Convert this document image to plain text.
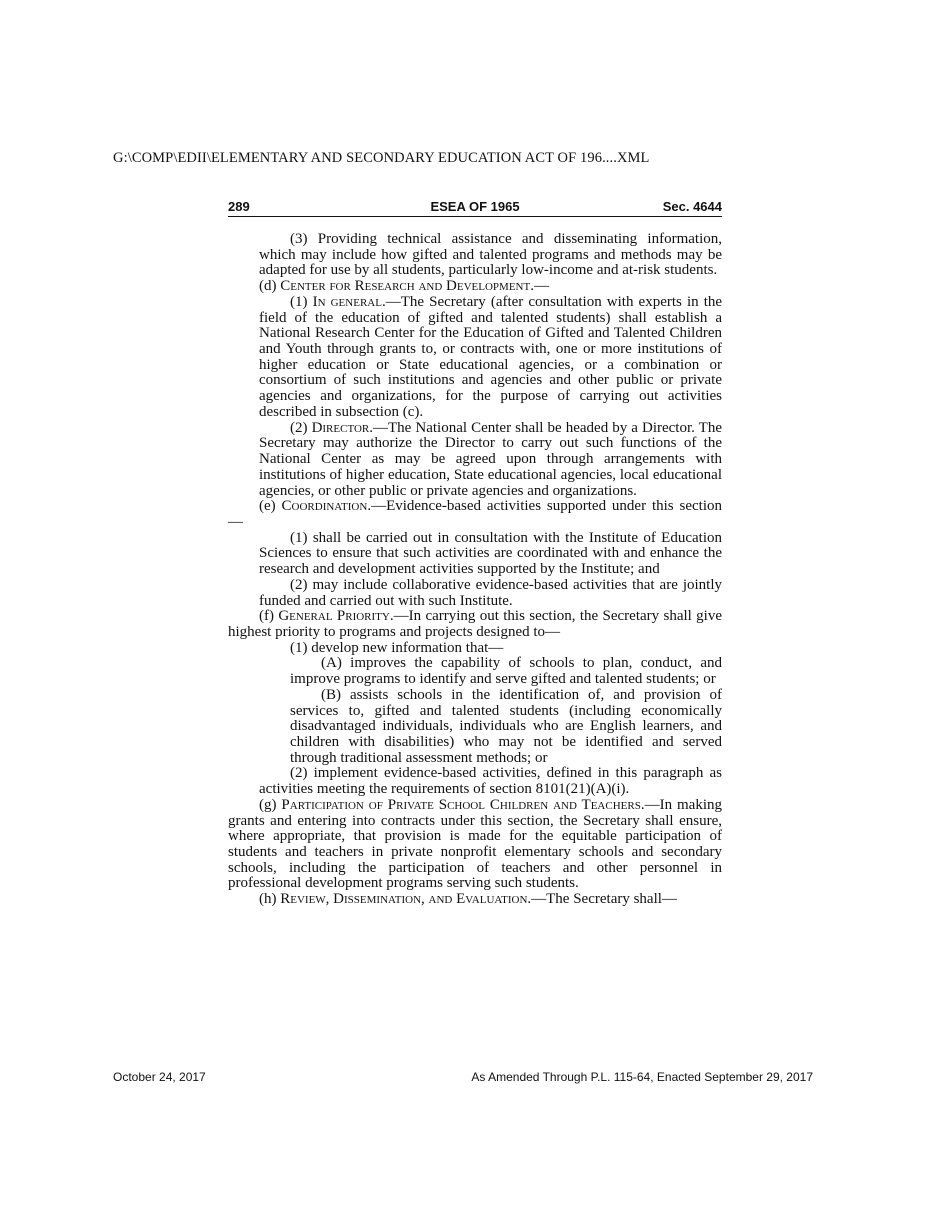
G:\COMP\EDII\ELEMENTARY AND SECONDARY EDUCATION ACT OF 196....XML
289	ESEA OF 1965	Sec. 4644

(3) Providing technical assistance and disseminating information, which may include how gifted and talented programs and methods may be adapted for use by all students, particularly low-income and at-risk students.

(d) Center for Research and Development.—

(1) In general.—The Secretary (after consultation with experts in the field of the education of gifted and talented students) shall establish a National Research Center for the Education of Gifted and Talented Children and Youth through grants to, or contracts with, one or more institutions of higher education or State educational agencies, or a combination or consortium of such institutions and agencies and other public or private agencies and organizations, for the purpose of carrying out activities described in subsection (c).

(2) Director.—The National Center shall be headed by a Director. The Secretary may authorize the Director to carry out such functions of the National Center as may be agreed upon through arrangements with institutions of higher education, State educational agencies, local educational agencies, or other public or private agencies and organizations.

(e) Coordination.—Evidence-based activities supported under this section—

(1) shall be carried out in consultation with the Institute of Education Sciences to ensure that such activities are coordinated with and enhance the research and development activities supported by the Institute; and

(2) may include collaborative evidence-based activities that are jointly funded and carried out with such Institute.

(f) General Priority.—In carrying out this section, the Secretary shall give highest priority to programs and projects designed to—

(1) develop new information that—

(A) improves the capability of schools to plan, conduct, and improve programs to identify and serve gifted and talented students; or

(B) assists schools in the identification of, and provision of services to, gifted and talented students (including economically disadvantaged individuals, individuals who are English learners, and children with disabilities) who may not be identified and served through traditional assessment methods; or

(2) implement evidence-based activities, defined in this paragraph as activities meeting the requirements of section 8101(21)(A)(i).

(g) Participation of Private School Children and Teachers.—In making grants and entering into contracts under this section, the Secretary shall ensure, where appropriate, that provision is made for the equitable participation of students and teachers in private nonprofit elementary schools and secondary schools, including the participation of teachers and other personnel in professional development programs serving such students.

(h) Review, Dissemination, and Evaluation.—The Secretary shall—

October 24, 2017	As Amended Through P.L. 115-64, Enacted September 29, 2017
